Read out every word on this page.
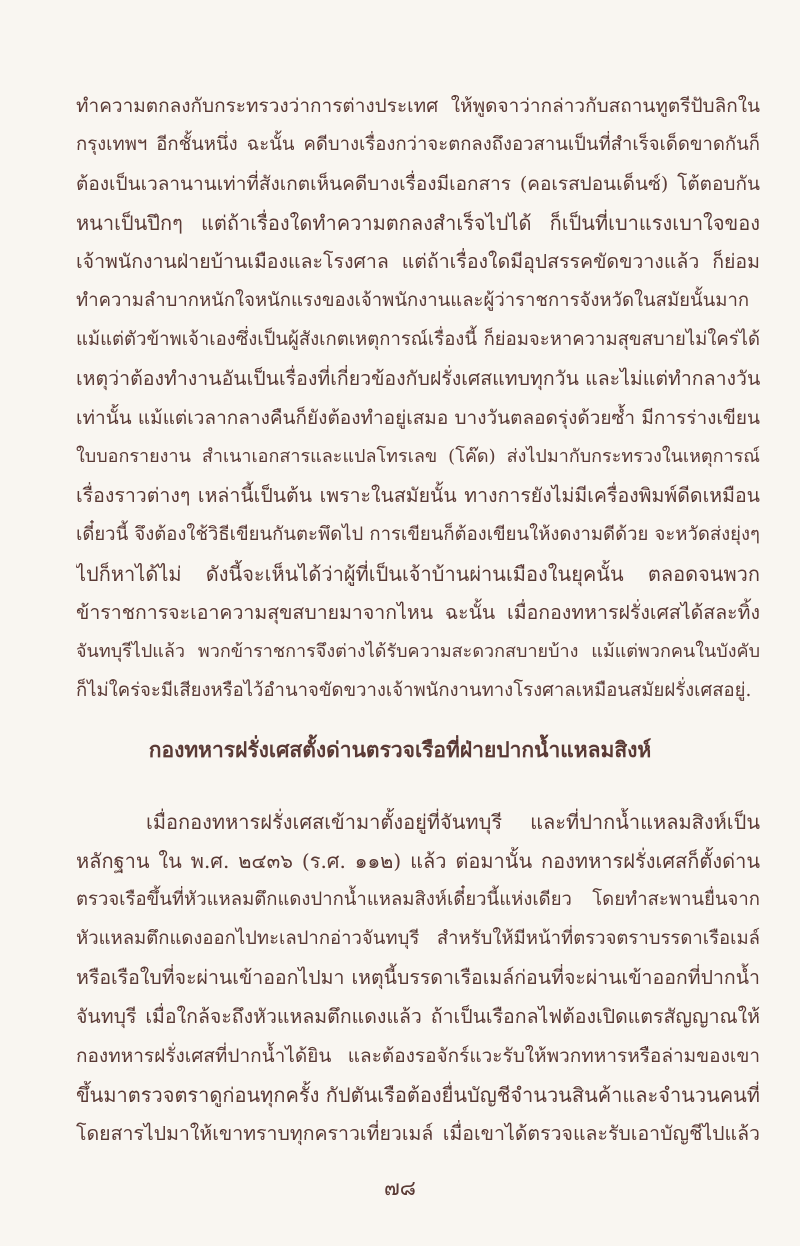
ทำความตกลงกับกระทรวงว่าการต่างประเทศ ให้พูดจาว่ากล่าวกับสถานทูตรีปับลิกใน
กรุงเทพฯ อีกชั้นหนึ่ง ฉะนั้น คดีบางเรื่องกว่าจะตกลงถึงอวสานเป็นที่สำเร็จเด็ดขาดกันก็
ต้องเป็นเวลานานเท่าที่สังเกตเห็นคดีบางเรื่องมีเอกสาร (คอเรสปอนเด็นซ์) โต้ตอบกัน
หนาเป็นปึกๆ แต่ถ้าเรื่องใดทำความตกลงสำเร็จไปได้ ก็เป็นที่เบาแรงเบาใจของ
เจ้าพนักงานฝ่ายบ้านเมืองและโรงศาล แต่ถ้าเรื่องใดมีอุปสรรคขัดขวางแล้ว ก็ย่อม
ทำความลำบากหนักใจหนักแรงของเจ้าพนักงานและผู้ว่าราชการจังหวัดในสมัยนั้นมาก
แม้แต่ตัวข้าพเจ้าเองซึ่งเป็นผู้สังเกตเหตุการณ์เรื่องนี้ ก็ย่อมจะหาความสุขสบายไม่ใคร่ได้
เหตุว่าต้องทำงานอันเป็นเรื่องที่เกี่ยวข้องกับฝรั่งเศสแทบทุกวัน และไม่แต่ทำกลางวัน
เท่านั้น แม้แต่เวลากลางคืนก็ยังต้องทำอยู่เสมอ บางวันตลอดรุ่งด้วยซ้ำ มีการร่างเขียน
ใบบอกรายงาน สำเนาเอกสารและแปลโทรเลข (โค๊ด) ส่งไปมากับกระทรวงในเหตุการณ์
เรื่องราวต่างๆ เหล่านี้เป็นต้น เพราะในสมัยนั้น ทางการยังไม่มีเครื่องพิมพ์ดีดเหมือน
เดี๋ยวนี้ จึงต้องใช้วิธีเขียนกันตะพึดไป การเขียนก็ต้องเขียนให้งดงามดีด้วย จะหวัดส่งยุ่งๆ
ไปก็หาได้ไม่ ดังนี้จะเห็นได้ว่าผู้ที่เป็นเจ้าบ้านผ่านเมืองในยุคนั้น ตลอดจนพวก
ข้าราชการจะเอาความสุขสบายมาจากไหน ฉะนั้น เมื่อกองทหารฝรั่งเศสได้สละทิ้ง
จันทบุรีไปแล้ว พวกข้าราชการจึงต่างได้รับความสะดวกสบายบ้าง แม้แต่พวกคนในบังคับ
ก็ไม่ใคร่จะมีเสียงหรือไว้อำนาจขัดขวางเจ้าพนักงานทางโรงศาลเหมือนสมัยฝรั่งเศสอยู่.
กองทหารฝรั่งเศสตั้งด่านตรวจเรือที่ฝ่ายปากน้ำแหลมสิงห์
เมื่อกองทหารฝรั่งเศสเข้ามาตั้งอยู่ที่จันทบุรี และที่ปากน้ำแหลมสิงห์เป็น
หลักฐาน ใน พ.ศ. ๒๔๓๖ (ร.ศ. ๑๑๒) แล้ว ต่อมานั้น กองทหารฝรั่งเศสก็ตั้งด่าน
ตรวจเรือขึ้นที่หัวแหลมตึกแดงปากน้ำแหลมสิงห์เดี๋ยวนี้แห่งเดียว โดยทำสะพานยื่นจาก
หัวแหลมตึกแดงออกไปทะเลปากอ่าวจันทบุรี สำหรับให้มีหน้าที่ตรวจตราบรรดาเรือเมล์
หรือเรือใบที่จะผ่านเข้าออกไปมา เหตุนี้บรรดาเรือเมล์ก่อนที่จะผ่านเข้าออกที่ปากน้ำ
จันทบุรี เมื่อใกล้จะถึงหัวแหลมตึกแดงแล้ว ถ้าเป็นเรือกลไฟต้องเปิดแตรสัญญาณให้
กองทหารฝรั่งเศสที่ปากน้ำได้ยิน และต้องรอจักร์แวะรับให้พวกทหารหรือล่ามของเขา
ขึ้นมาตรวจตราดูก่อนทุกครั้ง กัปตันเรือต้องยื่นบัญชีจำนวนสินค้าและจำนวนคนที่
โดยสารไปมาให้เขาทราบทุกคราวเที่ยวเมล์ เมื่อเขาได้ตรวจและรับเอาบัญชีไปแล้ว
๗๘
